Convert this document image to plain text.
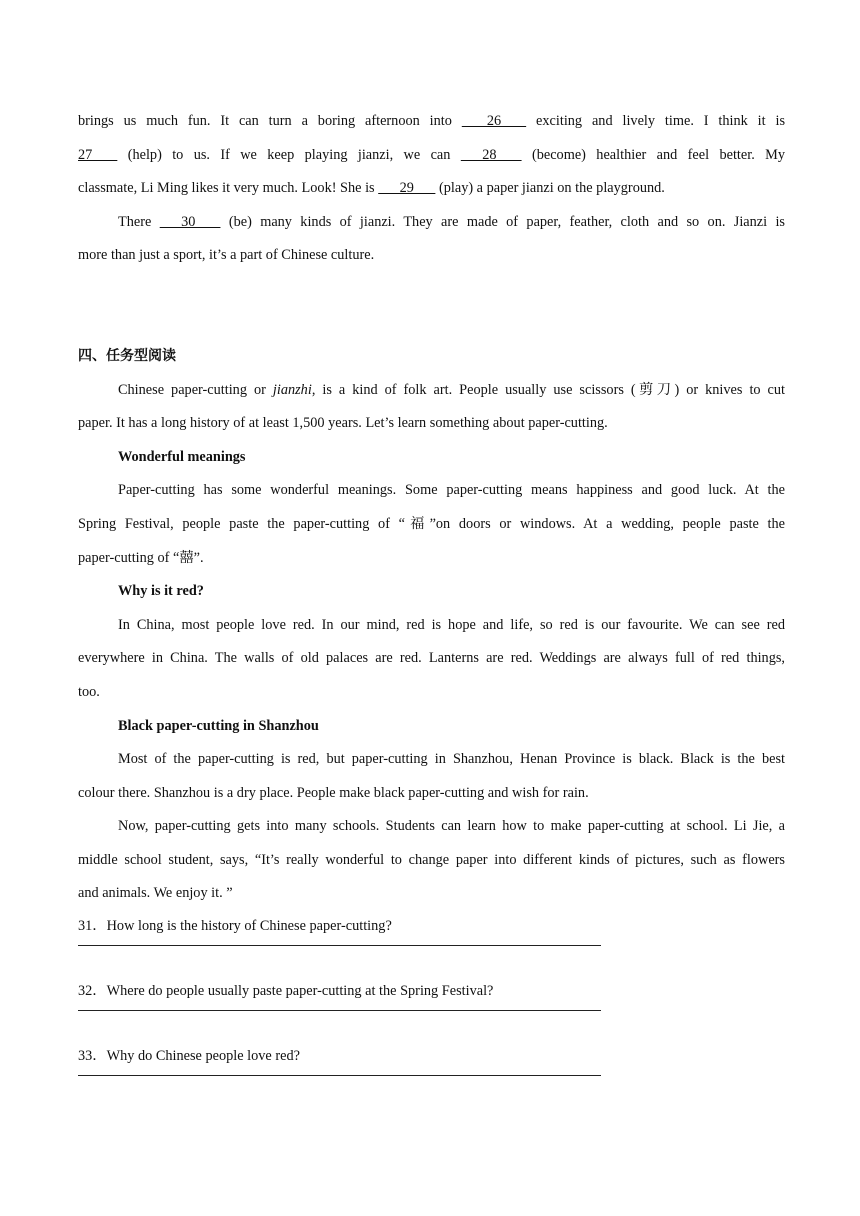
brings us much fun. It can turn a boring afternoon into        26        exciting and lively time. I think it is
27        (help) to us. If we keep playing jianzi, we can       28        (become) healthier and feel better. My
classmate, Li Ming likes it very much. Look! She is       29       (play) a paper jianzi on the playground.
There       30        (be) many kinds of jianzi. They are made of paper, feather, cloth and so on. Jianzi is
more than just a sport, it’s a part of Chinese culture.
四、任务型阅读
Chinese paper-cutting or jianzhi, is a kind of folk art. People usually use scissors (剪刀) or knives to cut
paper. It has a long history of at least 1,500 years. Let’s learn something about paper-cutting.
Wonderful meanings
Paper-cutting has some wonderful meanings. Some paper-cutting means happiness and good luck. At the
Spring Festival, people paste the paper-cutting of “福”on doors or windows. At a wedding, people paste the
paper-cutting of “囍”.
Why is it red?
In China, most people love red. In our mind, red is hope and life, so red is our favourite. We can see red
everywhere in China. The walls of old palaces are red. Lanterns are red. Weddings are always full of red things,
too.
Black paper-cutting in Shanzhou
Most of the paper-cutting is red, but paper-cutting in Shanzhou, Henan Province is black. Black is the best
colour there. Shanzhou is a dry place. People make black paper-cutting and wish for rain.
Now, paper-cutting gets into many schools. Students can learn how to make paper-cutting at school. Li Jie, a
middle school student, says, “It’s really wonderful to change paper into different kinds of pictures, such as flowers
and animals. We enjoy it. ”
31．How long is the history of Chinese paper-cutting?
32．Where do people usually paste paper-cutting at the Spring Festival?
33．Why do Chinese people love red?
